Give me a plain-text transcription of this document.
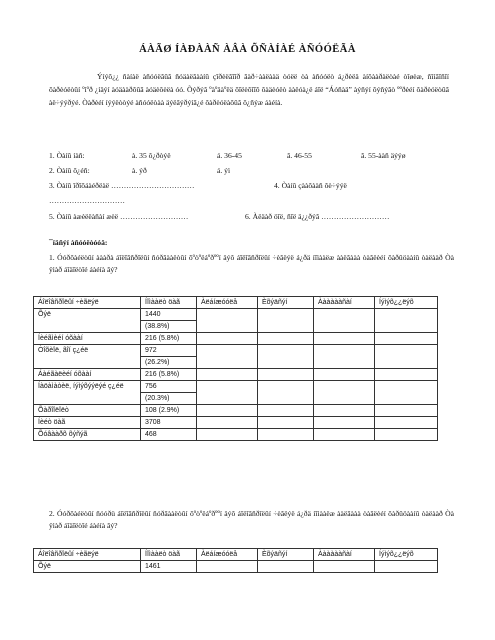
ÁÀÃØ ÍÀÐÀÀÑ ÀÂÀ ÕÑÀÍÀÉ ÀÑÓÓËÃÀ
Ýíýõ¿¿ ñàíàë àñóóëãûã ñóäàëãààíû çîðèëãîîð ãàð÷ààëààä òóëë òà àñóóëò á¿ðèëä àíõààðàëòàé òîøèæ, ñîíãîñîí õàðèóëòûí ºìºð ¿íäýí àóäààðõûã àóäèôèëà óó. Õýðýã ºàºäàºëä õîëèõîîõ õàäèóëò ààëóà¿ë áîë “Áóñàä” àýñýí õýñýãò ººðèéí õàðèóëòûã àë÷ýýðýé. Òàðèéí íýýëòòýé àñóóëòàà äýëãýðýíã¿é õàðèóëàõûã õ¿ñýæ áàéíà.
1. Òàíû íàñ:	à. 35 õ¿ðòýë	á. 36-45	â. 46-55	ã. 55-ààñ äýýø
2. Òàíû õ¿éñ:	à. ýð	á. ýì
3. Òàíû îðîõáàéðëàë ……………………………	4. Òàíû çààõààñ õè÷ýýë
…………………………
5. Òàíû àæèëëàñàí æèë ………………………	6. Àëäàð öîë, ñîë ä¿¿ðýã ………………………
¯íäñýí àñóóëòóóä:
1. Óóðõàéëòûí àààðà áîëîâñðîëûí ñóðãààëòûí õºòºëáºðººí äýõ áîëîâñðîëûí ÷èãëýë á¿ðä íîìààëæ ààëãààà òàãëèéí õàðûöààíû òàëààð Òà ÿìàð áîäîëòîé áàéíà âý?
Áîëîâñðîëûí ÷èãëýë	Íîìààëò öàã	Àëáíæóóëå	Èõýäñýí	Ààààààñàí	Íýìýõ¿¿ëýõ
Õýë	1440
(38.8%)				

Íèéãìèéí óõààí	216 (5.8%)				
Òîõèîë, ãîí ç¿éë	972
(26.2%)				

Áàéãàëèéí óõààí	216 (5.8%)				
Íàöàìàòèë, íýìýõýýëýé ç¿éë	756
(20.3%)				

Õàðîîëîëò	108 (2.9%)				
Íèéò öàã	3708				
Õóâààðõ õýñýã	468				
2. Óóðõàéëòûí ñóóðü áîëîâñðîëûí ñóðãààëòûí õºòºëáºðººí äýõ áîëîâñðîëûí ÷èãëýë á¿ðä íîìààëæ ààëãààà òàãëèéí õàðûöààíû òàëààð Òà ÿìàð áîäîëòîé áàéíà âý?
Áîëîâñðîëûí ÷èãëýë	Íîìààëò öàã	Àëáíæóóëå	Èõýäñýí	Ààààààñàí	Íýìýõ¿¿ëýõ
Õýë	1461				
